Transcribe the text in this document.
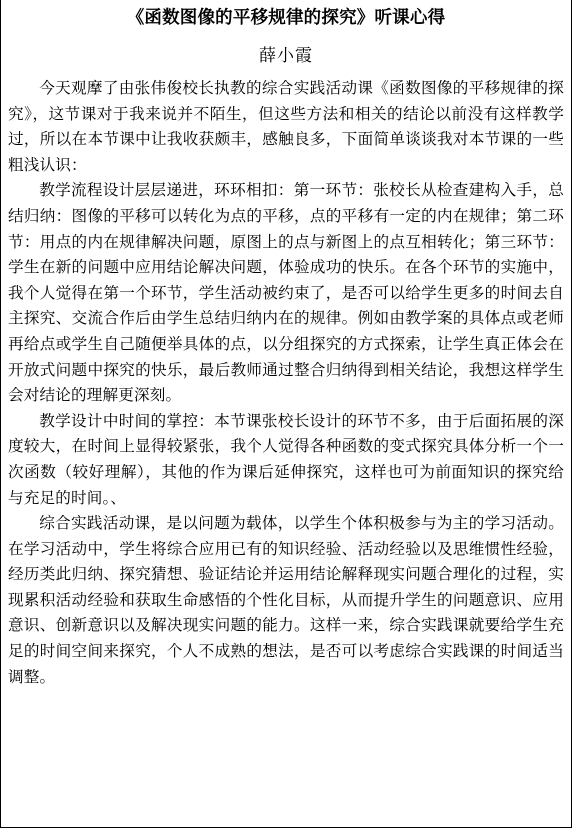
《函数图像的平移规律的探究》听课心得
薛小霞

今天观摩了由张伟俊校长执教的综合实践活动课《函数图像的平移规律的探究》，这节课对于我来说并不陌生，但这些方法和相关的结论以前没有这样教学过，所以在本节课中让我收获颇丰，感触良多，下面简单谈谈我对本节课的一些粗浅认识：

教学流程设计层层递进，环环相扣：第一环节：张校长从检查建构入手，总结归纳：图像的平移可以转化为点的平移，点的平移有一定的内在规律；第二环节：用点的内在规律解决问题，原图上的点与新图上的点互相转化；第三环节：学生在新的问题中应用结论解决问题，体验成功的快乐。在各个环节的实施中，我个人觉得在第一个环节，学生活动被约束了，是否可以给学生更多的时间去自主探究、交流合作后由学生总结归纳内在的规律。例如由教学案的具体点或老师再给点或学生自己随便举具体的点，以分组探究的方式探索，让学生真正体会在开放式问题中探究的快乐，最后教师通过整合归纳得到相关结论，我想这样学生会对结论的理解更深刻。

教学设计中时间的掌控：本节课张校长设计的环节不多，由于后面拓展的深度较大，在时间上显得较紧张，我个人觉得各种函数的变式探究具体分析一个一次函数（较好理解），其他的作为课后延伸探究，这样也可为前面知识的探究给与充足的时间。、

综合实践活动课，是以问题为载体，以学生个体积极参与为主的学习活动。在学习活动中，学生将综合应用已有的知识经验、活动经验以及思维惯性经验，经历类此归纳、探究猜想、验证结论并运用结论解释现实问题合理化的过程，实现累积活动经验和获取生命感悟的个性化目标，从而提升学生的问题意识、应用意识、创新意识以及解决现实问题的能力。这样一来，综合实践课就要给学生充足的时间空间来探究，个人不成熟的想法，是否可以考虑综合实践课的时间适当调整。
